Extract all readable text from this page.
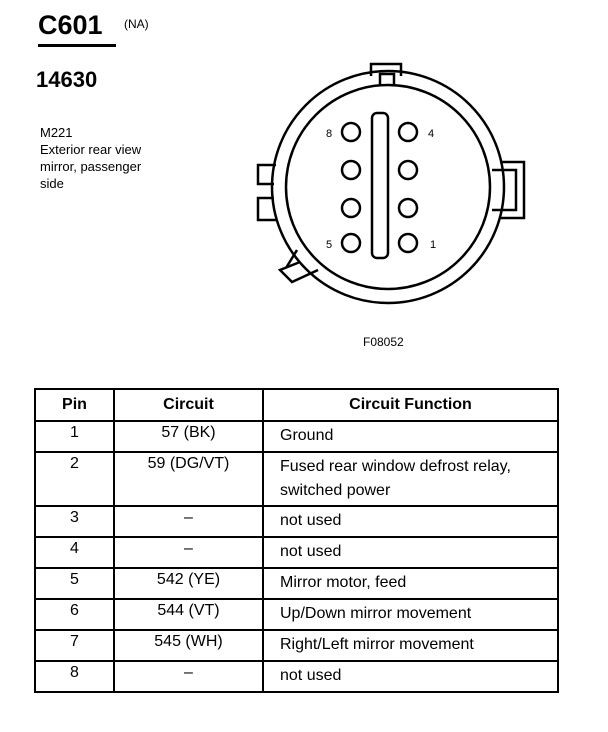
C601 (NA)
14630
M221
Exterior rear view
mirror, passenger
side
8	4
5	1
F08052
Pin	Circuit	Circuit Function
1	57 (BK)	Ground
2	59 (DG/VT)	Fused rear window defrost relay, switched power
3	–	not used
4	–	not used
5	542 (YE)	Mirror motor, feed
6	544 (VT)	Up/Down mirror movement
7	545 (WH)	Right/Left mirror movement
8	–	not used
